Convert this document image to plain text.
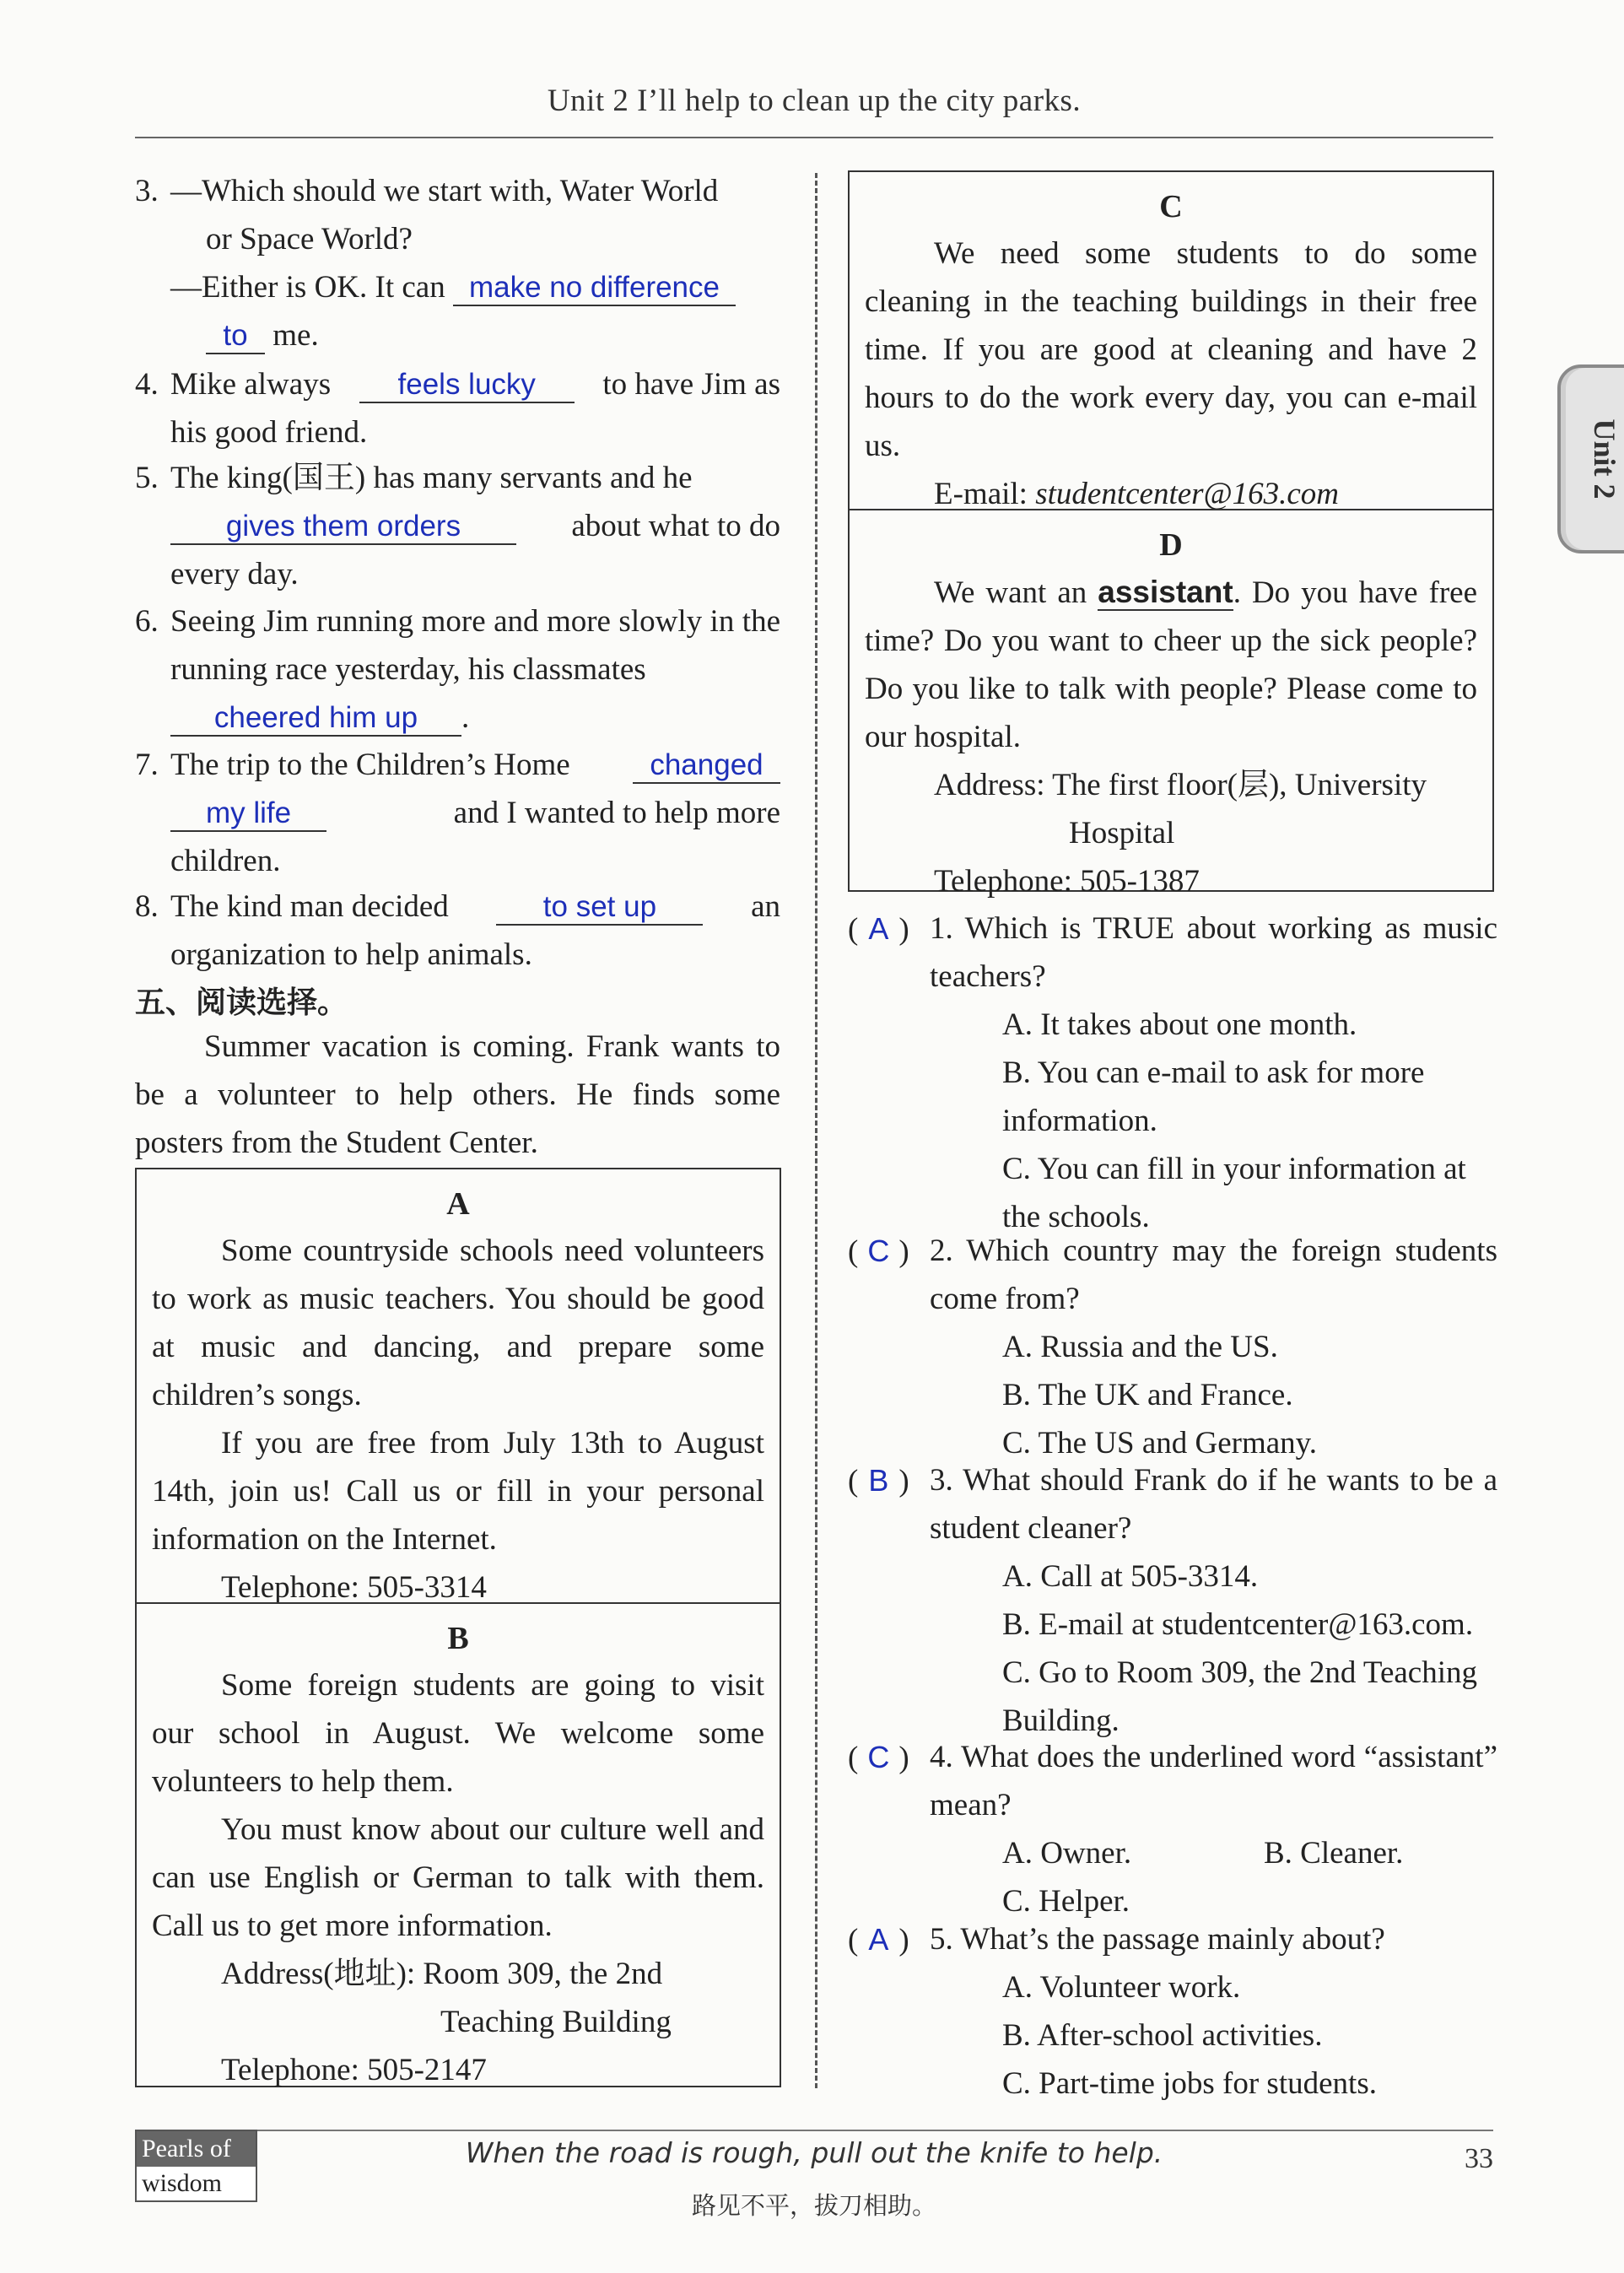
Unit 2 I’ll help to clean up the city parks.
Unit 2
3. —Which should we start with, Water World
or Space World?
—Either is OK. It can make no difference
to me.
4. Mike always	feels lucky	to have Jim as
his good friend.
5. The king(国王) has many servants and he
gives them orders	about what to do
every day.
6. Seeing Jim running more and more slowly in the running race yesterday, his classmates
cheered him up .
7. The trip to the Children’s Home	changed
my life	and I wanted to help more
children.
8. The kind man decided	to set up	an
organization to help animals.
五、阅读选择。
Summer vacation is coming. Frank wants to be a volunteer to help others. He finds some posters from the Student Center.
A

Some countryside schools need volunteers to work as music teachers. You should be good at music and dancing, and prepare some children’s songs.

If you are free from July 13th to August 14th, join us! Call us or fill in your personal information on the Internet.

Telephone: 505-3314
B

Some foreign students are going to visit our school in August. We welcome some volunteers to help them.

You must know about our culture well and can use English or German to talk with them. Call us to get more information.

Address(地址): Room 309, the 2nd
Teaching Building
Telephone: 505-2147
C

We need some students to do some cleaning in the teaching buildings in their free time. If you are good at cleaning and have 2 hours to do the work every day, you can e-mail us.

E-mail: studentcenter@163.com
D

We want an assistant. Do you have free time? Do you want to cheer up the sick people? Do you like to talk with people? Please come to our hospital.

Address: The first floor(层), University
Hospital
Telephone: 505-1387
( A ) 1. Which is TRUE about working as music teachers?
A. It takes about one month.
B. You can e-mail to ask for more information.
C. You can fill in your information at the schools.
( C ) 2. Which country may the foreign students come from?
A. Russia and the US.
B. The UK and France.
C. The US and Germany.
( B ) 3. What should Frank do if he wants to be a student cleaner?
A. Call at 505-3314.
B. E-mail at studentcenter@163.com.
C. Go to Room 309, the 2nd Teaching Building.
( C ) 4. What does the underlined word “assistant” mean?
A. Owner.	B. Cleaner.
C. Helper.
( A ) 5. What’s the passage mainly about?
A. Volunteer work.
B. After-school activities.
C. Part-time jobs for students.
Pearls of
wisdom
When the road is rough, pull out the knife to help.
路见不平，拔刀相助。
33
